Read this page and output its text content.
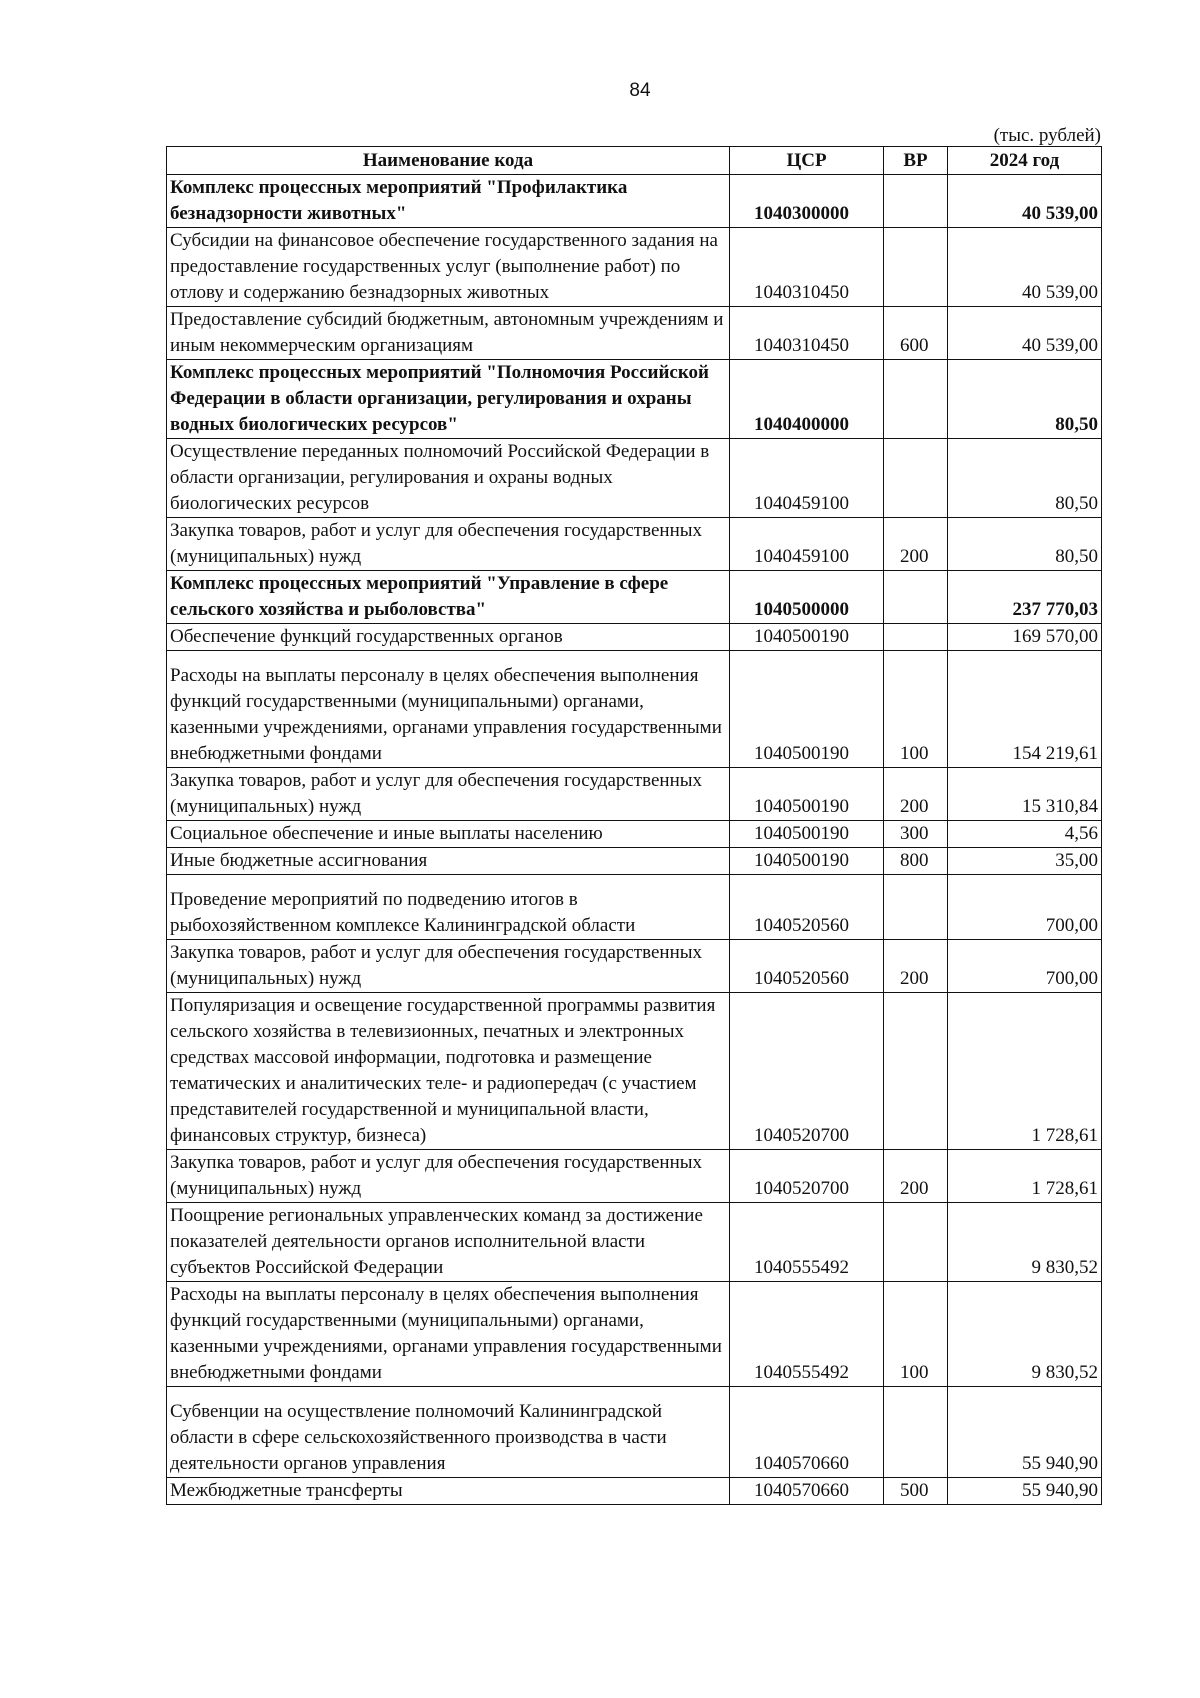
84
(тыс. рублей)
Наименование кода	ЦСР	ВР	2024 год
Комплекс процессных мероприятий "Профилактика безнадзорности животных"	1040300000		40 539,00
Субсидии на финансовое обеспечение государственного задания на предоставление государственных услуг (выполнение работ) по отлову и содержанию безнадзорных животных	1040310450		40 539,00
Предоставление субсидий бюджетным, автономным учреждениям и иным некоммерческим организациям	1040310450	600	40 539,00
Комплекс процессных мероприятий "Полномочия Российской Федерации в области организации, регулирования и охраны водных биологических ресурсов"	1040400000		80,50
Осуществление переданных полномочий Российской Федерации в области организации, регулирования и охраны водных биологических ресурсов	1040459100		80,50
Закупка товаров, работ и услуг для обеспечения государственных (муниципальных) нужд	1040459100	200	80,50
Комплекс процессных мероприятий "Управление в сфере сельского хозяйства и рыболовства"	1040500000		237 770,03
Обеспечение функций государственных органов	1040500190		169 570,00
Расходы на выплаты персоналу в целях обеспечения выполнения функций государственными (муниципальными) органами, казенными учреждениями, органами управления государственными внебюджетными фондами	1040500190	100	154 219,61
Закупка товаров, работ и услуг для обеспечения государственных (муниципальных) нужд	1040500190	200	15 310,84
Социальное обеспечение и иные выплаты населению	1040500190	300	4,56
Иные бюджетные ассигнования	1040500190	800	35,00
Проведение мероприятий по подведению итогов в рыбохозяйственном комплексе Калининградской области	1040520560		700,00
Закупка товаров, работ и услуг для обеспечения государственных (муниципальных) нужд	1040520560	200	700,00
Популяризация и освещение государственной программы развития сельского хозяйства в телевизионных, печатных и электронных средствах массовой информации, подготовка и размещение тематических и аналитических теле- и радиопередач (с участием представителей государственной и муниципальной власти, финансовых структур, бизнеса)	1040520700		1 728,61
Закупка товаров, работ и услуг для обеспечения государственных (муниципальных) нужд	1040520700	200	1 728,61
Поощрение региональных управленческих команд за достижение показателей деятельности органов исполнительной власти субъектов Российской Федерации	1040555492		9 830,52
Расходы на выплаты персоналу в целях обеспечения выполнения функций государственными (муниципальными) органами, казенными учреждениями, органами управления государственными внебюджетными фондами	1040555492	100	9 830,52
Субвенции на осуществление полномочий Калининградской области в сфере сельскохозяйственного производства в части деятельности органов управления	1040570660		55 940,90
Межбюджетные трансферты	1040570660	500	55 940,90
